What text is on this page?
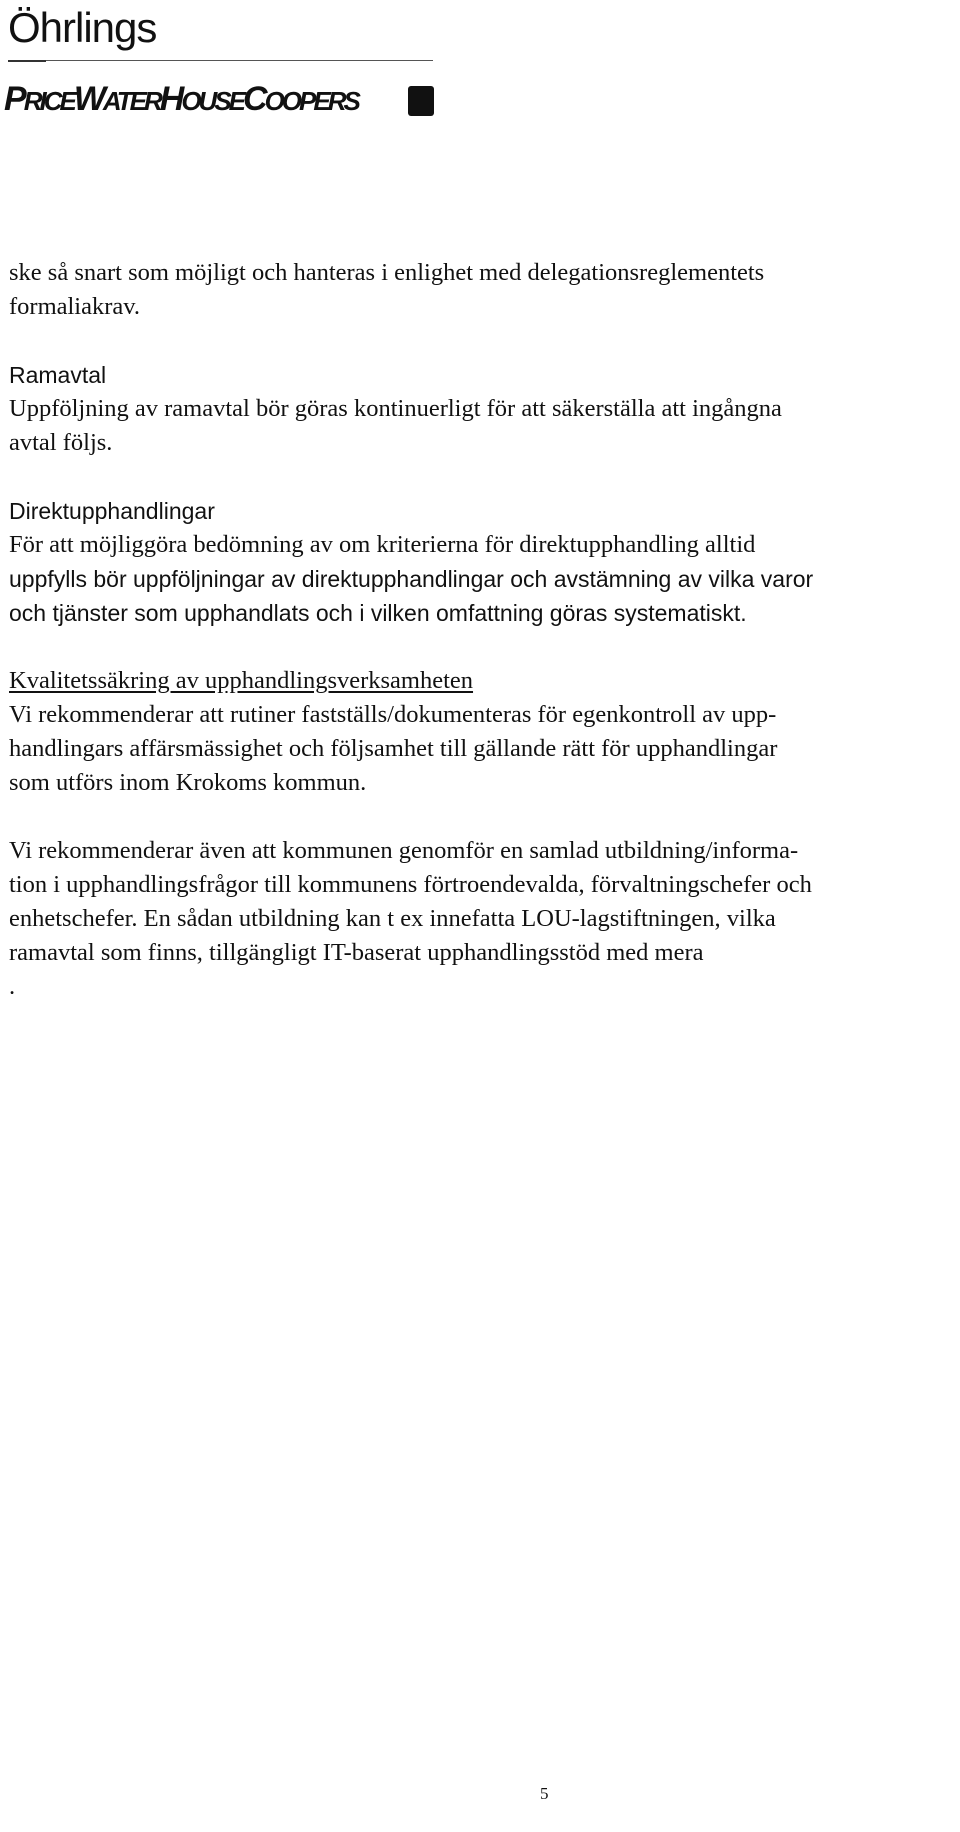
Öhrlings
PRICEWATERHOUSECOOPERS

ske så snart som möjligt och hanteras i enlighet med delegationsreglementets

formaliakrav.

Ramavtal

Uppföljning av ramavtal bör göras kontinuerligt för att säkerställa att ingångna

avtal följs.

Direktupphandlingar

För att möjliggöra bedömning av om kriterierna för direktupphandling alltid

uppfylls bör uppföljningar av direktupphandlingar och avstämning av vilka varor

och tjänster som upphandlats och i vilken omfattning göras systematiskt.

Kvalitetssäkring av upphandlingsverksamheten

Vi rekommenderar att rutiner fastställs/dokumenteras för egenkontroll av upp-

handlingars affärsmässighet och följsamhet till gällande rätt för upphandlingar

som utförs inom Krokoms kommun.

Vi rekommenderar även att kommunen genomför en samlad utbildning/informa-

tion i upphandlingsfrågor till kommunens förtroendevalda, förvaltningschefer och

enhetschefer. En sådan utbildning kan t ex innefatta LOU-lagstiftningen, vilka

ramavtal som finns, tillgängligt IT-baserat upphandlingsstöd med mera

.

5
